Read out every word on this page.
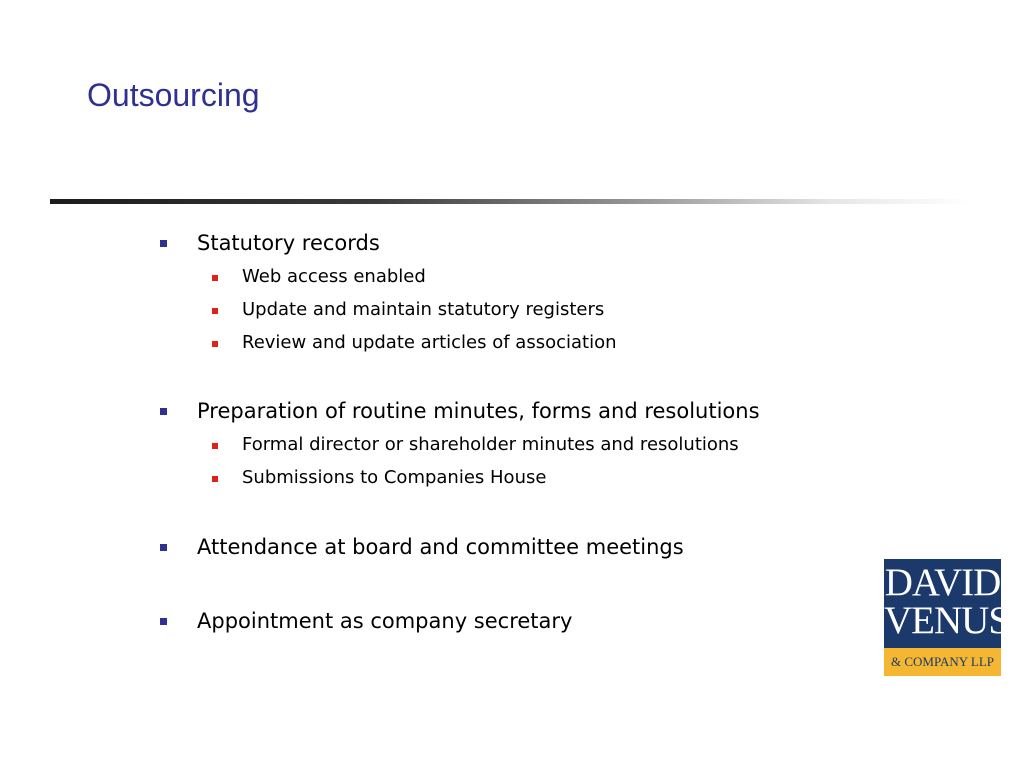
Outsourcing
Statutory records
Web access enabled
Update and maintain statutory registers
Review and update articles of association
Preparation of routine minutes, forms and resolutions
Formal director or shareholder minutes and resolutions
Submissions to Companies House
Attendance at board and committee meetings
Appointment as company secretary
DAVID
VENUS
& COMPANY LLP
